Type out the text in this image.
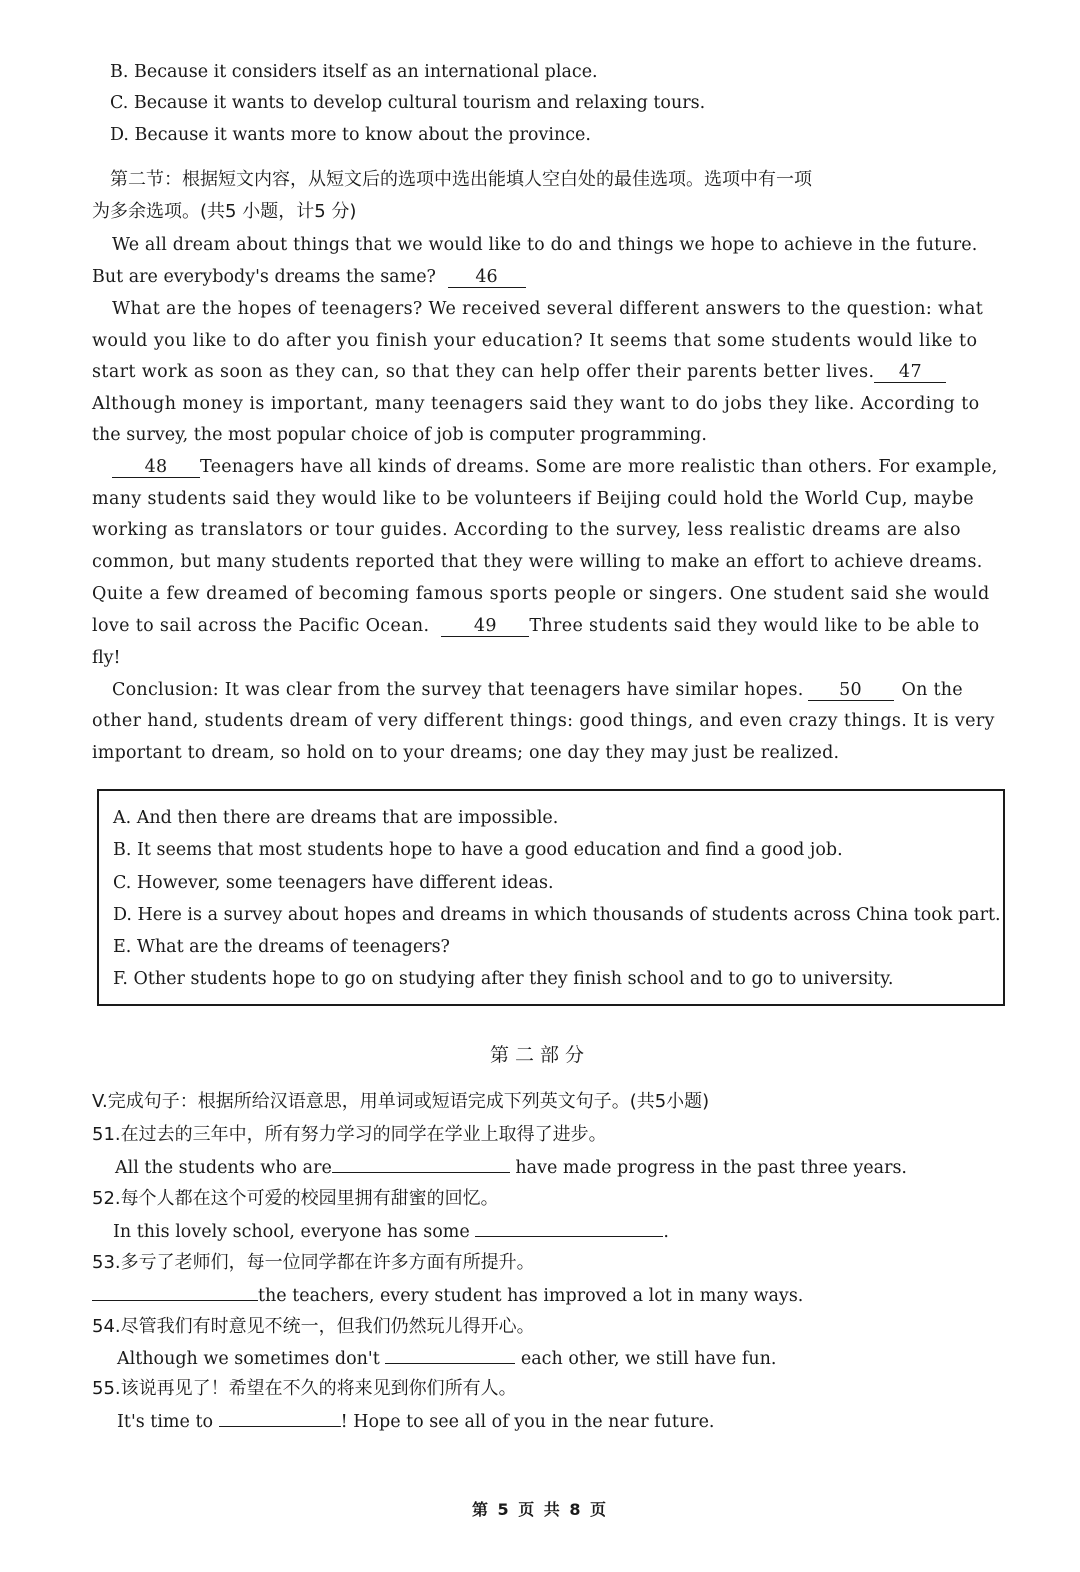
B. Because it considers itself as an international place.
C. Because it wants to develop cultural tourism and relaxing tours.
D. Because it wants more to know about the province.
第二节：根据短文内容，从短文后的选项中选出能填人空白处的最佳选项。选项中有一项
为多余选项。(共5 小题，计5 分)
We all dream about things that we would like to do and things we hope to achieve in the future.
But are everybody's dreams the same? 46
What are the hopes of teenagers? We received several different answers to the question: what
would you like to do after you finish your education? It seems that some students would like to
start work as soon as they can, so that they can help offer their parents better lives. 47
Although money is important, many teenagers said they want to do jobs they like. According to
the survey, the most popular choice of job is computer programming.
48 Teenagers have all kinds of dreams. Some are more realistic than others. For example,
many students said they would like to be volunteers if Beijing could hold the World Cup, maybe
working as translators or tour guides. According to the survey, less realistic dreams are also
common, but many students reported that they were willing to make an effort to achieve dreams.
Quite a few dreamed of becoming famous sports people or singers. One student said she would
love to sail across the Pacific Ocean.	49 Three students said they would like to be able to
fly!
Conclusion: It was clear from the survey that teenagers have similar hopes. 50 On the
other hand, students dream of very different things: good things, and even crazy things. It is very
important to dream, so hold on to your dreams; one day they may just be realized.
A. And then there are dreams that are impossible.
B. It seems that most students hope to have a good education and find a good job.
C. However, some teenagers have different ideas.
D. Here is a survey about hopes and dreams in which thousands of students across China took part.
E. What are the dreams of teenagers?
F. Other students hope to go on studying after they finish school and to go to university.
第二部分
V.完成句子：根据所给汉语意思，用单词或短语完成下列英文句子。(共5小题)
51.在过去的三年中，所有努力学习的同学在学业上取得了进步。
All the students who are	have made progress in the past three years.
52.每个人都在这个可爱的校园里拥有甜蜜的回忆。
In this lovely school, everyone has some	.
53.多亏了老师们，每一位同学都在许多方面有所提升。
the teachers, every student has improved a lot in many ways.
54.尽管我们有时意见不统一，但我们仍然玩儿得开心。
Although we sometimes don't	each other, we still have fun.
55.该说再见了！希望在不久的将来见到你们所有人。
It's time to	! Hope to see all of you in the near future.
第 5 页 共 8 页
